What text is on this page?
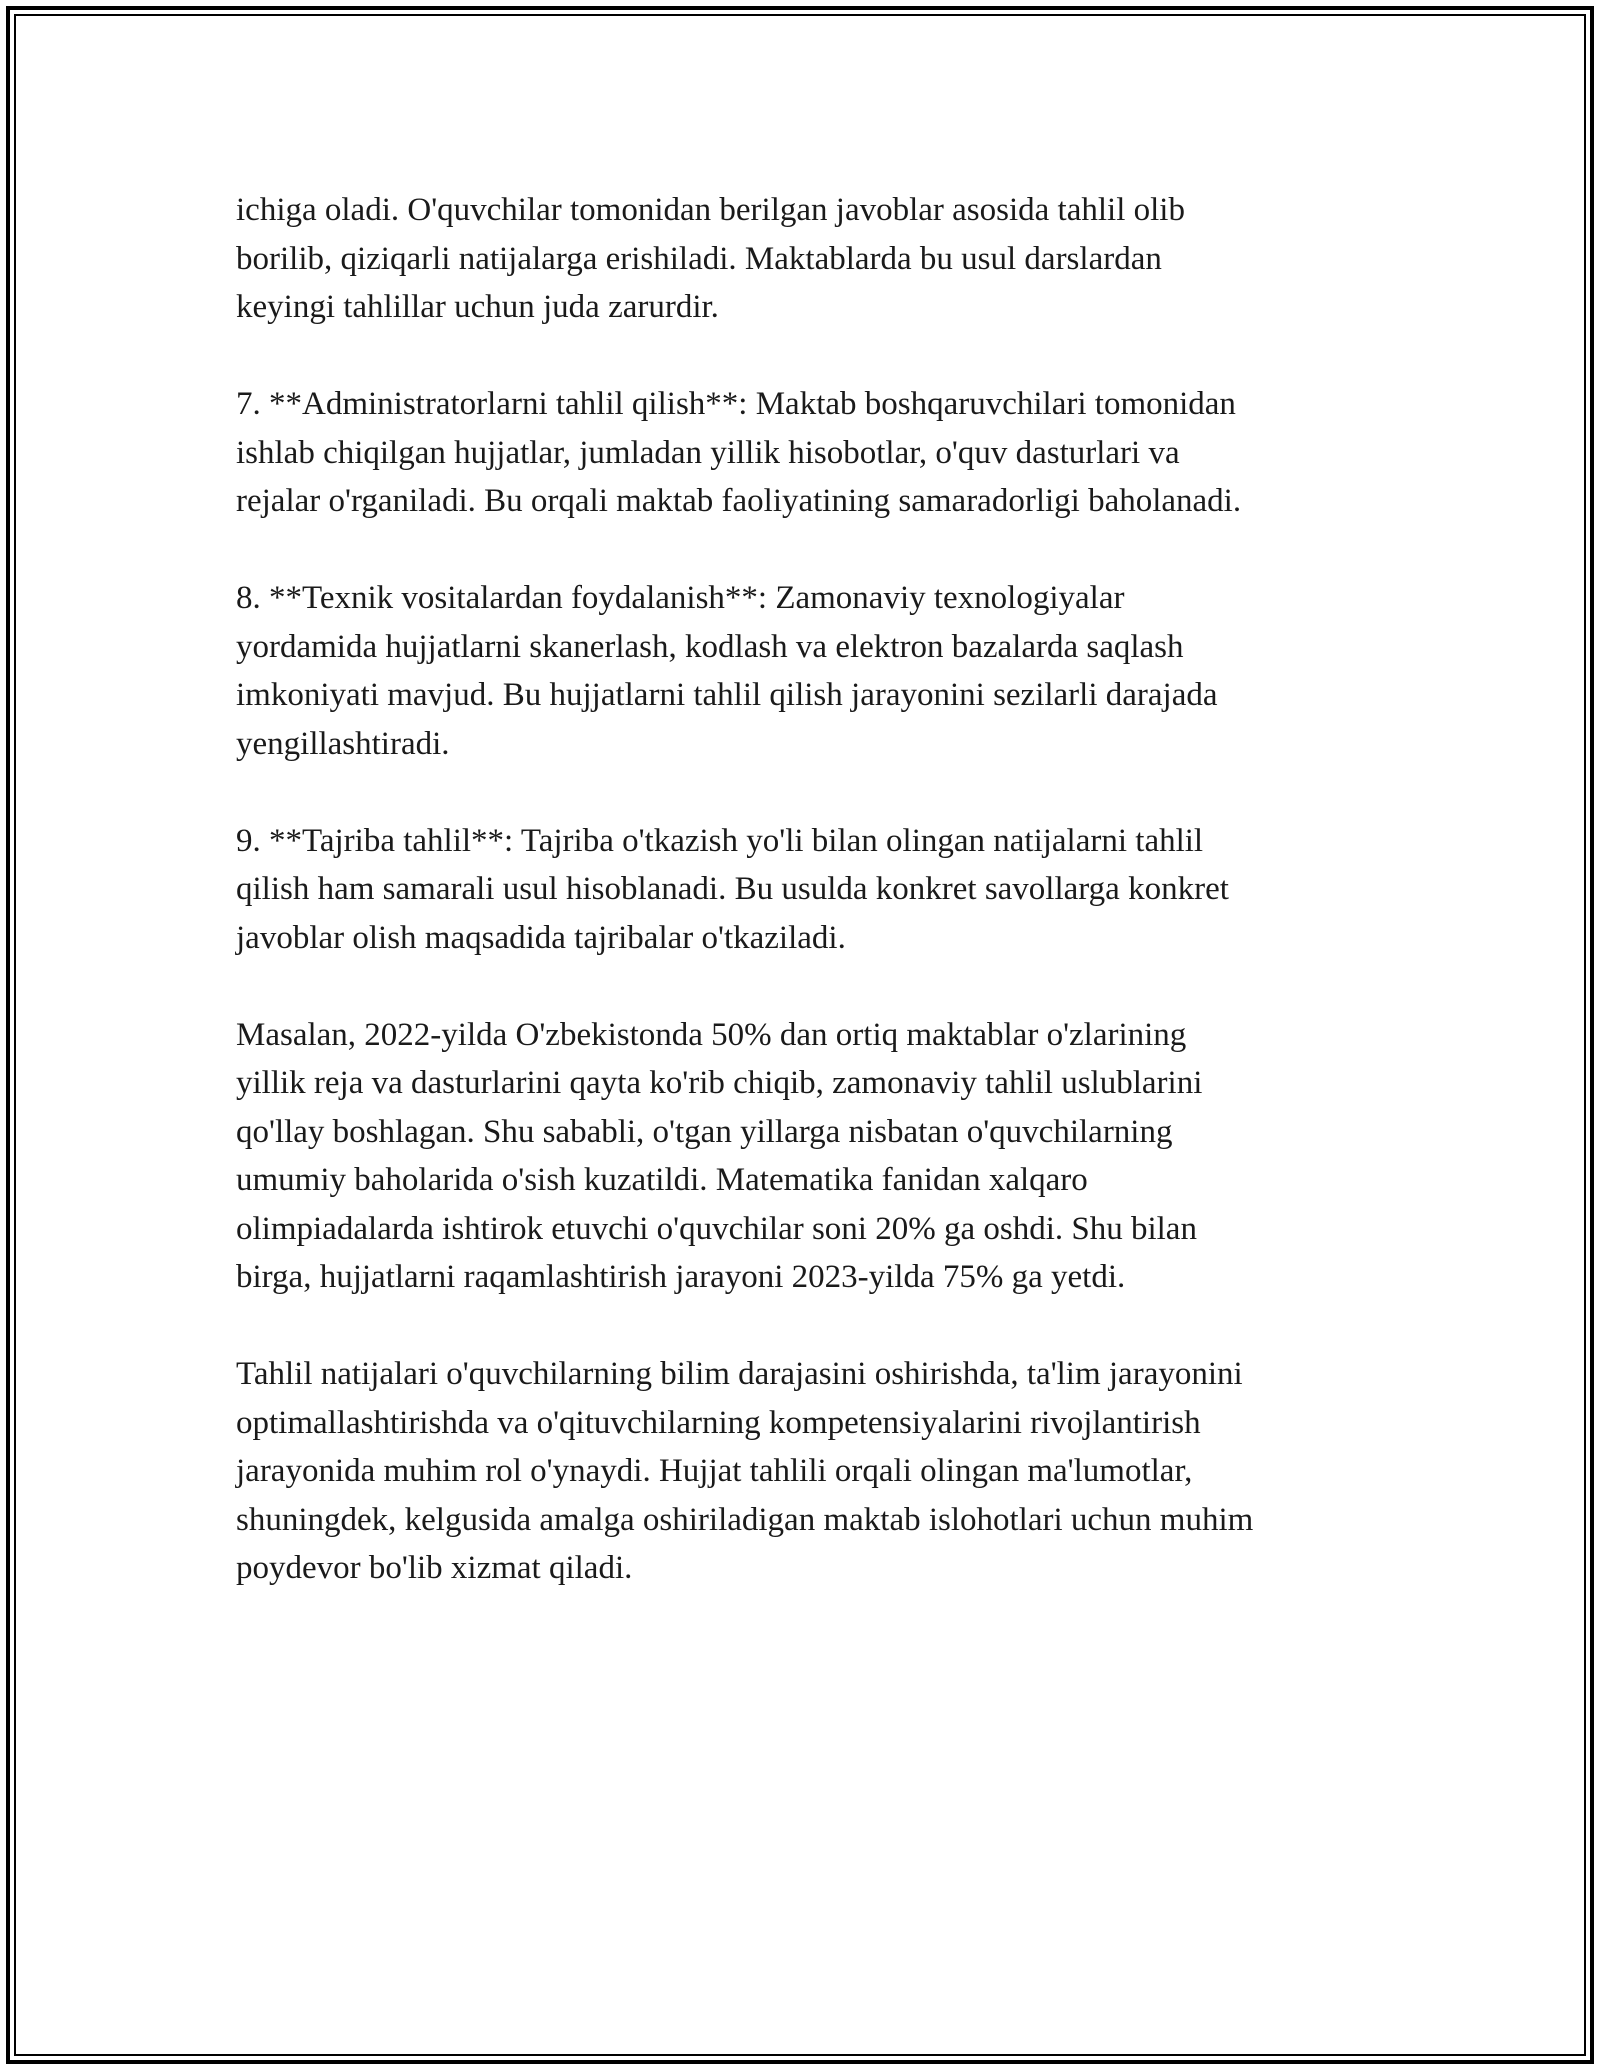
ichiga oladi. O'quvchilar tomonidan berilgan javoblar asosida tahlil olib
borilib, qiziqarli natijalarga erishiladi. Maktablarda bu usul darslardan
keyingi tahlillar uchun juda zarurdir.

7. **Administratorlarni tahlil qilish**: Maktab boshqaruvchilari tomonidan
ishlab chiqilgan hujjatlar, jumladan yillik hisobotlar, o'quv dasturlari va
rejalar o'rganiladi. Bu orqali maktab faoliyatining samaradorligi baholanadi.

8. **Texnik vositalardan foydalanish**: Zamonaviy texnologiyalar
yordamida hujjatlarni skanerlash, kodlash va elektron bazalarda saqlash
imkoniyati mavjud. Bu hujjatlarni tahlil qilish jarayonini sezilarli darajada
yengillashtiradi.

9. **Tajriba tahlil**: Tajriba o'tkazish yo'li bilan olingan natijalarni tahlil
qilish ham samarali usul hisoblanadi. Bu usulda konkret savollarga konkret
javoblar olish maqsadida tajribalar o'tkaziladi.

Masalan, 2022-yilda O'zbekistonda 50% dan ortiq maktablar o'zlarining
yillik reja va dasturlarini qayta ko'rib chiqib, zamonaviy tahlil uslublarini
qo'llay boshlagan. Shu sababli, o'tgan yillarga nisbatan o'quvchilarning
umumiy baholarida o'sish kuzatildi. Matematika fanidan xalqaro
olimpiadalarda ishtirok etuvchi o'quvchilar soni 20% ga oshdi. Shu bilan
birga, hujjatlarni raqamlashtirish jarayoni 2023-yilda 75% ga yetdi.

Tahlil natijalari o'quvchilarning bilim darajasini oshirishda, ta'lim jarayonini
optimallashtirishda va o'qituvchilarning kompetensiyalarini rivojlantirish
jarayonida muhim rol o'ynaydi. Hujjat tahlili orqali olingan ma'lumotlar,
shuningdek, kelgusida amalga oshiriladigan maktab islohotlari uchun muhim
poydevor bo'lib xizmat qiladi.
